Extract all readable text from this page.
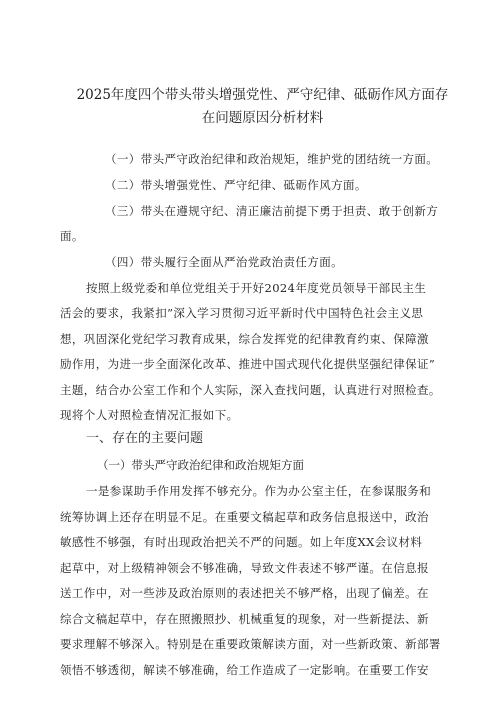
2025年度四个带头带头增强党性、严守纪律、砥砺作风方面存
在问题原因分析材料
（一）带头严守政治纪律和政治规矩，维护党的团结统一方面。
（二）带头增强党性、严守纪律、砥砺作风方面。
（三）带头在遵规守纪、清正廉洁前提下勇于担责、敢于创新方
面。
（四）带头履行全面从严治党政治责任方面。
按照上级党委和单位党组关于开好2024年度党员领导干部民主生
活会的要求，我紧扣”深入学习贯彻习近平新时代中国特色社会主义思
想，巩固深化党纪学习教育成果，综合发挥党的纪律教育约束、保障激
励作用，为进一步全面深化改革、推进中国式现代化提供坚强纪律保证”
主题，结合办公室工作和个人实际，深入查找问题，认真进行对照检查。
现将个人对照检查情况汇报如下。
一、存在的主要问题
（一）带头严守政治纪律和政治规矩方面
一是参谋助手作用发挥不够充分。作为办公室主任，在参谋服务和
统筹协调上还存在明显不足。在重要文稿起草和政务信息报送中，政治
敏感性不够强，有时出现政治把关不严的问题。如上年度XX会议材料
起草中，对上级精神领会不够准确，导致文件表述不够严谨。在信息报
送工作中，对一些涉及政治原则的表述把关不够严格，出现了偏差。在
综合文稿起草中，存在照搬照抄、机械重复的现象，对一些新提法、新
要求理解不够深入。特别是在重要政策解读方面，对一些新政策、新部署
领悟不够透彻，解读不够准确，给工作造成了一定影响。在重要工作安
